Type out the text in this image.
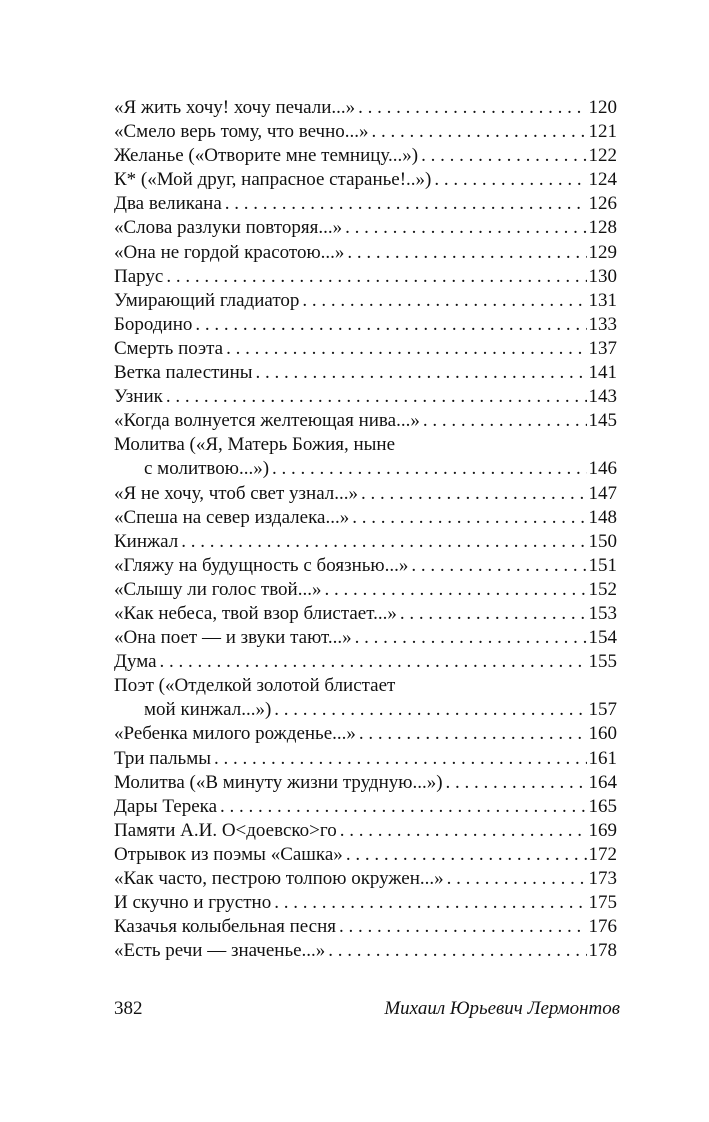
«Я жить хочу! хочу печали...» . . .	120
«Смело верь тому, что вечно...» . . .	121
Желанье («Отворите мне темницу...») . . .	122
К* («Мой друг, напрасное старанье!..») . . .	124
Два великана . . .	126
«Слова разлуки повторяя...» . . .	128
«Она не гордой красотою...» . . .	129
Парус . . .	130
Умирающий гладиатор . . .	131
Бородино . . .	133
Смерть поэта . . .	137
Ветка палестины . . .	141
Узник . . .	143
«Когда волнуется желтеющая нива...» . . .	145
Молитва («Я, Матерь Божия, ныне
с молитвою...») . . .	146
«Я не хочу, чтоб свет узнал...» . . .	147
«Спеша на север издалека...» . . .	148
Кинжал . . .	150
«Гляжу на будущность с боязнью...» . . .	151
«Слышу ли голос твой...» . . .	152
«Как небеса, твой взор блистает...» . . .	153
«Она поет — и звуки тают...» . . .	154
Дума . . .	155
Поэт («Отделкой золотой блистает
мой кинжал...») . . .	157
«Ребенка милого рожденье...» . . .	160
Три пальмы . . .	161
Молитва («В минуту жизни трудную...») . . .	164
Дары Терека . . .	165
Памяти А.И. О<доевско>го . . .	169
Отрывок из поэмы «Сашка» . . .	172
«Как часто, пестрою толпою окружен...» . . .	173
И скучно и грустно . . .	175
Казачья колыбельная песня . . .	176
«Есть речи — значенье...» . . .	178
382	Михаил Юрьевич Лермонтов
